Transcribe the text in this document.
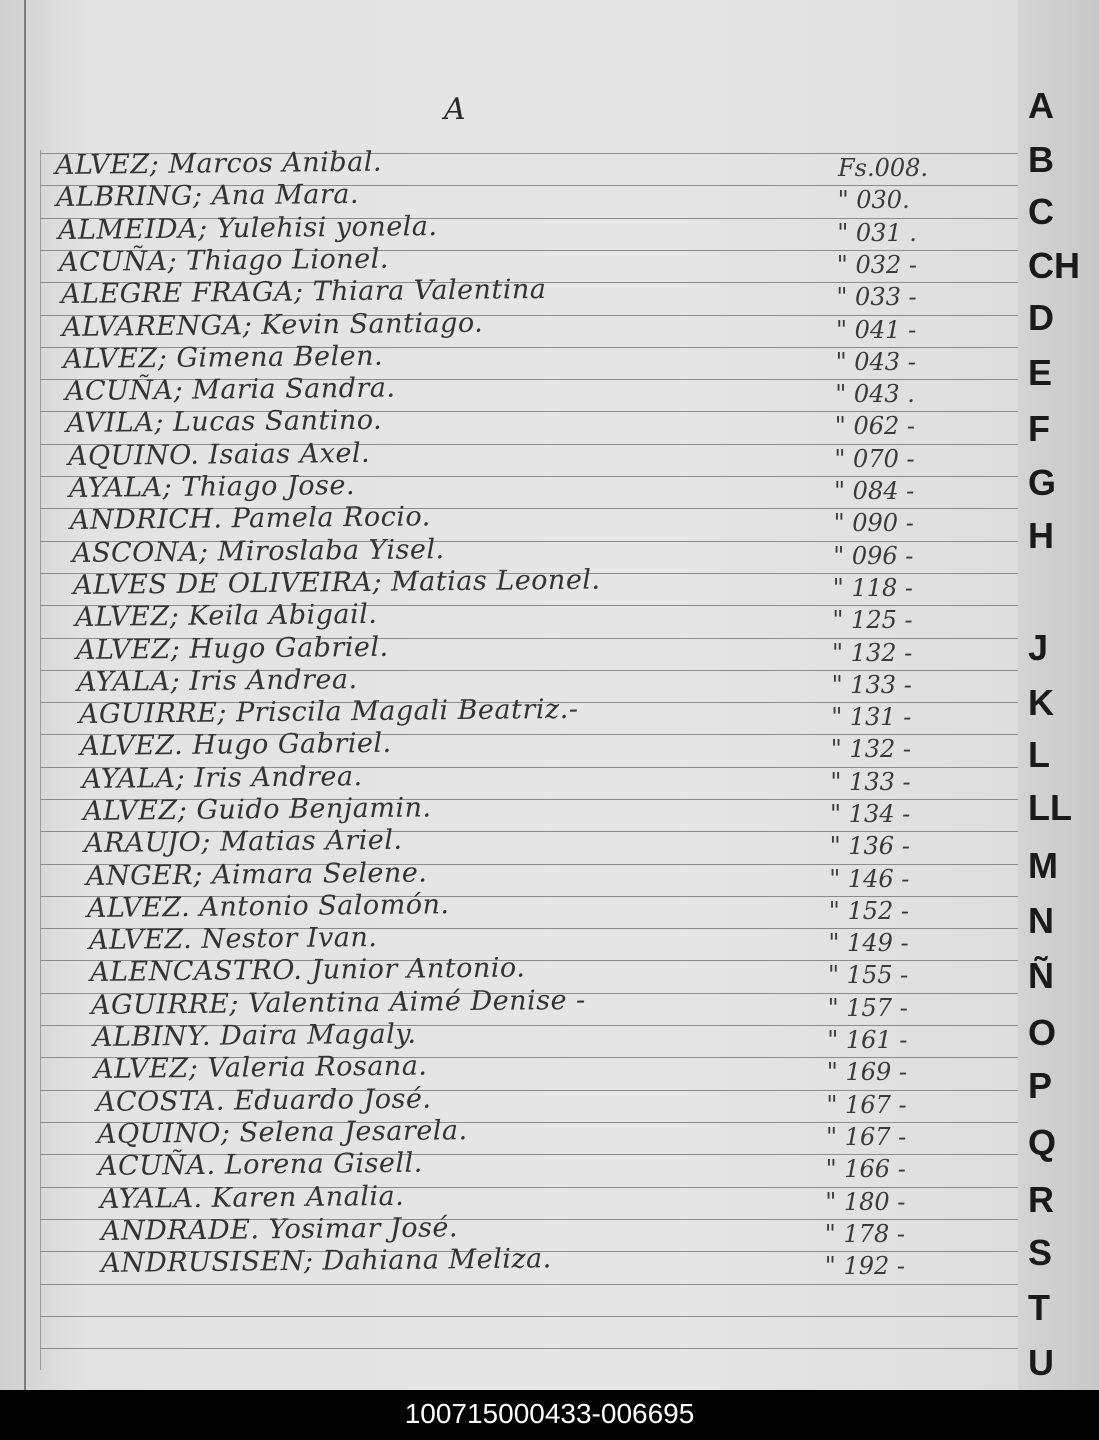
A
B
C
CH
D
E
F
G
H
J
K
L
LL
M
N
Ñ
O
P
Q
R
S
T
U
A
ALVEZ; Marcos Anibal.	Fs.008.
ALBRING; Ana Mara.	" 030.
ALMEIDA; Yulehisi yonela.	" 031 .
ACUÑA; Thiago Lionel.	" 032 -
ALEGRE FRAGA; Thiara Valentina	" 033 -
ALVARENGA; Kevin Santiago.	" 041 -
ALVEZ; Gimena Belen.	" 043 -
ACUÑA; Maria Sandra.	" 043 .
AVILA; Lucas Santino.	" 062 -
AQUINO. Isaias Axel.	" 070 -
AYALA; Thiago Jose.	" 084 -
ANDRICH. Pamela Rocio.	" 090 -
ASCONA; Miroslaba Yisel.	" 096 -
ALVES DE OLIVEIRA; Matias Leonel.	" 118 -
ALVEZ; Keila Abigail.	" 125 -
ALVEZ; Hugo Gabriel.	" 132 -
AYALA; Iris Andrea.	" 133 -
AGUIRRE; Priscila Magali Beatriz.-	" 131 -
ALVEZ. Hugo Gabriel.	" 132 -
AYALA; Iris Andrea.	" 133 -
ALVEZ; Guido Benjamin.	" 134 -
ARAUJO; Matias Ariel.	" 136 -
ANGER; Aimara Selene.	" 146 -
ALVEZ. Antonio Salomón.	" 152 -
ALVEZ. Nestor Ivan.	" 149 -
ALENCASTRO. Junior Antonio.	" 155 -
AGUIRRE; Valentina Aimé Denise -	" 157 -
ALBINY. Daira Magaly.	" 161 -
ALVEZ; Valeria Rosana.	" 169 -
ACOSTA. Eduardo José.	" 167 -
AQUINO; Selena Jesarela.	" 167 -
ACUÑA. Lorena Gisell.	" 166 -
AYALA. Karen Analia.	" 180 -
ANDRADE. Yosimar José.	" 178 -
ANDRUSISEN; Dahiana Meliza.	" 192 -
100715000433-006695
